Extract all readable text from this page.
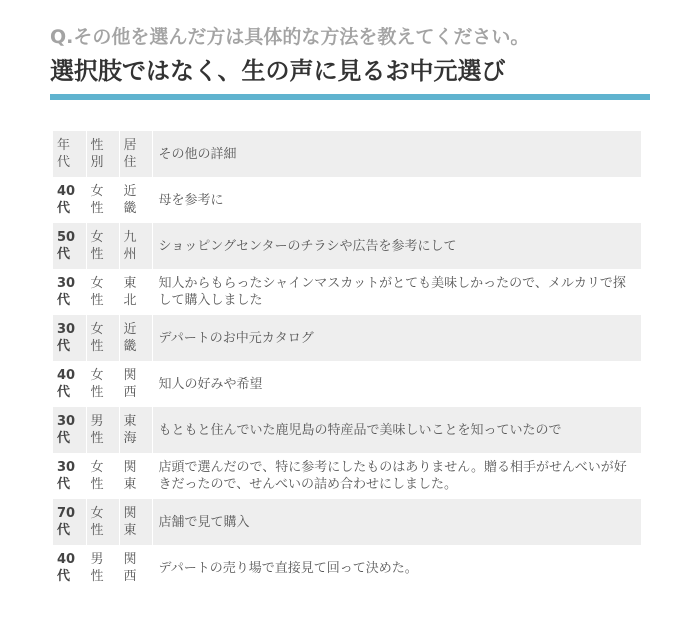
Q.その他を選んだ方は具体的な方法を教えてください。

選択肢ではなく、生の声に見るお中元選び
年代	性別	居住	その他の詳細
40代	女性	近畿	母を参考に
50代	女性	九州	ショッピングセンターのチラシや広告を参考にして
30代	女性	東北	知人からもらったシャインマスカットがとても美味しかったので、メルカリで探して購入しました
30代	女性	近畿	デパートのお中元カタログ
40代	女性	関西	知人の好みや希望
30代	男性	東海	もともと住んでいた鹿児島の特産品で美味しいことを知っていたので
30代	女性	関東	店頭で選んだので、特に参考にしたものはありません。贈る相手がせんべいが好きだったので、せんべいの詰め合わせにしました。
70代	女性	関東	店舗で見て購入
40代	男性	関西	デパートの売り場で直接見て回って決めた。
